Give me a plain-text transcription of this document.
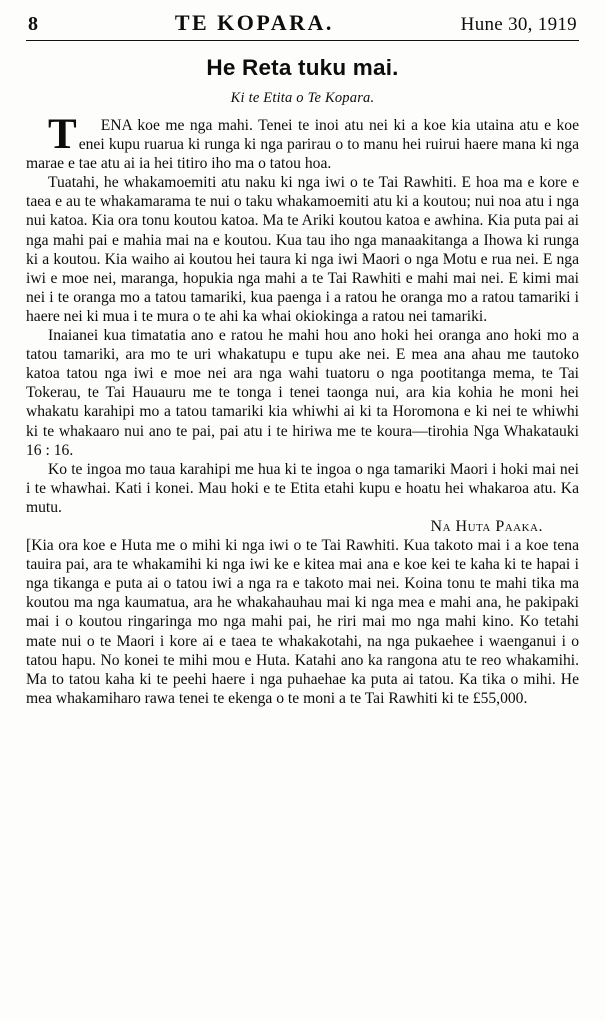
8	TE KOPARA.	Hune 30, 1919
He Reta tuku mai.
Ki te Etita o Te Kopara.

T ENA koe me nga mahi. Tenei te inoi atu nei ki a koe kia utaina atu e koe enei kupu ruarua ki runga ki nga parirau o to manu hei ruirui haere mana ki nga marae e tae atu ai ia hei titiro iho ma o tatou hoa.

Tuatahi, he whakamoemiti atu naku ki nga iwi o te Tai Rawhiti. E hoa ma e kore e taea e au te whakamarama te nui o taku whakamoemiti atu ki a koutou; nui noa atu i nga nui katoa. Kia ora tonu koutou katoa. Ma te Ariki koutou katoa e awhina. Kia puta pai ai nga mahi pai e mahia mai na e koutou. Kua tau iho nga manaakitanga a Ihowa ki runga ki a koutou. Kia waiho ai koutou hei taura ki nga iwi Maori o nga Motu e rua nei. E nga iwi e moe nei, maranga, hopukia nga mahi a te Tai Rawhiti e mahi mai nei. E kimi mai nei i te oranga mo a tatou tamariki, kua paenga i a ratou he oranga mo a ratou tamariki i haere nei ki mua i te mura o te ahi ka whai okiokinga a ratou nei tamariki.

Inaianei kua timatatia ano e ratou he mahi hou ano hoki hei oranga ano hoki mo a tatou tamariki, ara mo te uri whakatupu e tupu ake nei. E mea ana ahau me tautoko katoa tatou nga iwi e moe nei ara nga wahi tuatoru o nga pootitanga mema, te Tai Tokerau, te Tai Hauauru me te tonga i tenei taonga nui, ara kia kohia he moni hei whakatu karahipi mo a tatou tamariki kia whiwhi ai ki ta Horomona e ki nei te whiwhi ki te whakaaro nui ano te pai, pai atu i te hiriwa me te koura—tirohia Nga Whakatauki 16 : 16.

Ko te ingoa mo taua karahipi me hua ki te ingoa o nga tamariki Maori i hoki mai nei i te whawhai. Kati i konei. Mau hoki e te Etita etahi kupu e hoatu hei whakaroa atu. Ka mutu.

Na Huta Paaka.

[Kia ora koe e Huta me o mihi ki nga iwi o te Tai Rawhiti. Kua takoto mai i a koe tena tauira pai, ara te whakamihi ki nga iwi ke e kitea mai ana e koe kei te kaha ki te hapai i nga tikanga e puta ai o tatou iwi a nga ra e takoto mai nei. Koina tonu te mahi tika ma koutou ma nga kaumatua, ara he whakahauhau mai ki nga mea e mahi ana, he pakipaki mai i o koutou ringaringa mo nga mahi pai, he riri mai mo nga mahi kino. Ko tetahi mate nui o te Maori i kore ai e taea te whakakotahi, na nga pukaehee i waenganui i o tatou hapu. No konei te mihi mou e Huta. Katahi ano ka rangona atu te reo whakamihi. Ma to tatou kaha ki te peehi haere i nga puhaehae ka puta ai tatou. Ka tika o mihi. He mea whakamiharo rawa tenei te ekenga o te moni a te Tai Rawhiti ki te £55,000.
